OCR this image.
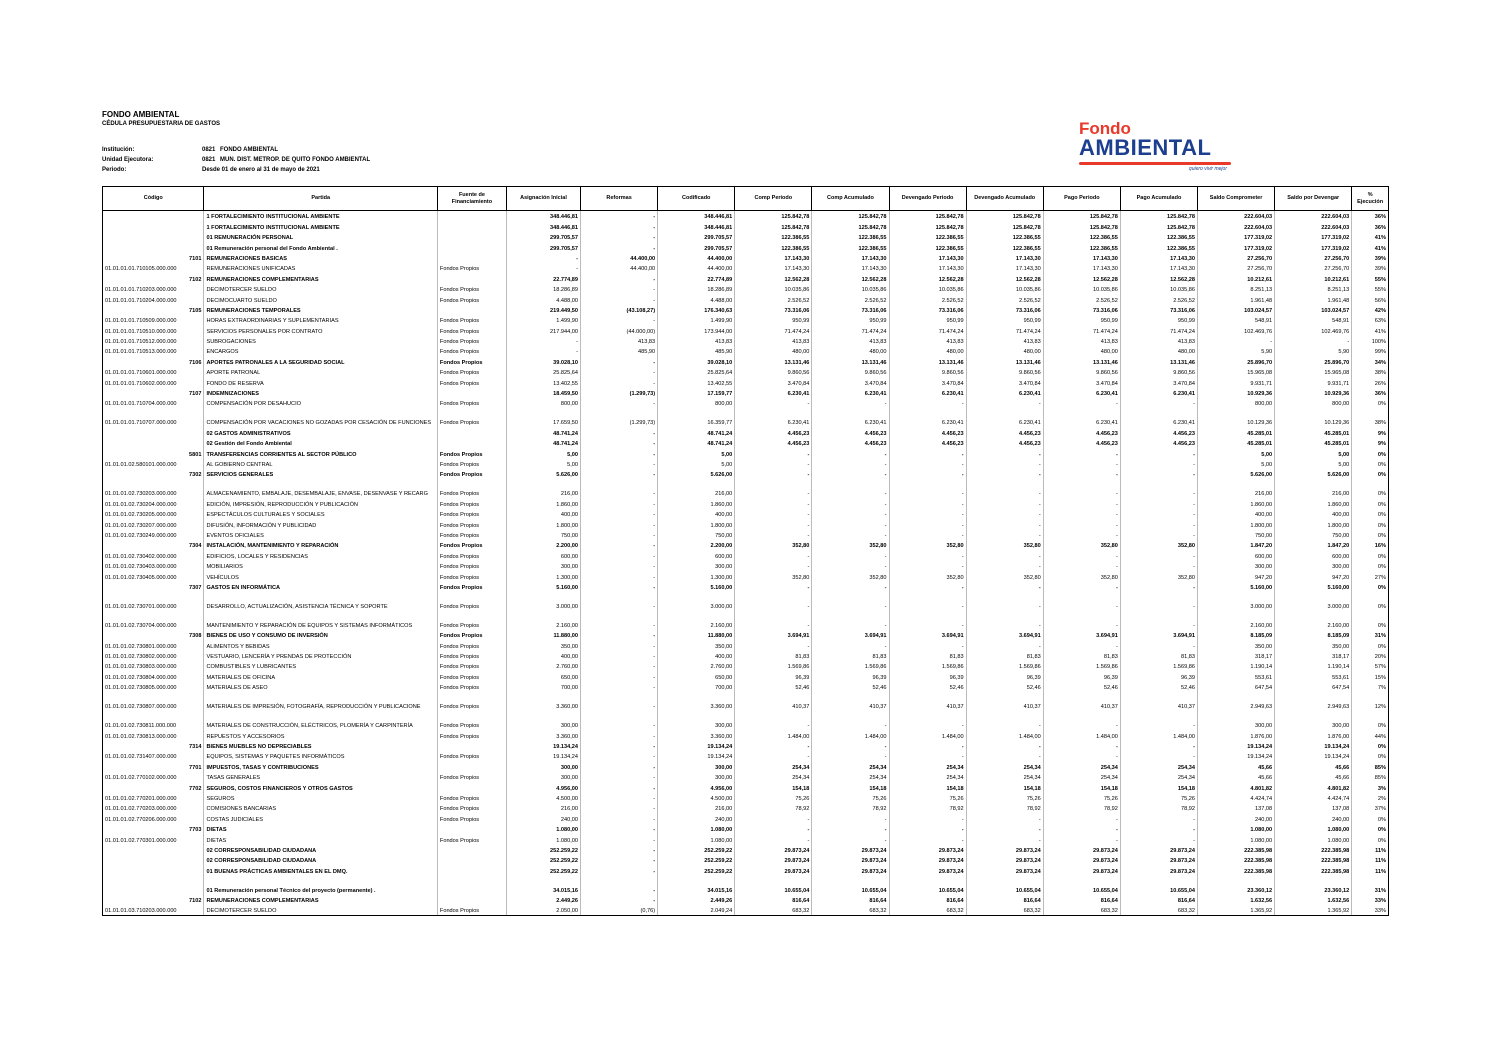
FONDO AMBIENTAL
CÉDULA PRESUPUESTARIA DE GASTOS
Institución:	0821 FONDO AMBIENTAL
Unidad Ejecutora:	0821 MUN. DIST. METROP. DE QUITO FONDO AMBIENTAL
Periodo:	Desde 01 de enero al 31 de mayo de 2021
Fondo
AMBIENTAL
quiero vivir mejor
Código	Partida	Fuente de Financiamiento	Asignación Inicial	Reformas	Codificado	Comp Periodo	Comp Acumulado	Devengado Periodo	Devengado Acumulado	Pago Periodo	Pago Acumulado	Saldo Comprometer	Saldo por Devengar	% Ejecución
	1 FORTALECIMIENTO INSTITUCIONAL AMBIENTE		348.446,81	-	348.446,81	125.842,78	125.842,78	125.842,78	125.842,78	125.842,78	125.842,78	222.604,03	222.604,03	36%
	1 FORTALECIMIENTO INSTITUCIONAL AMBIENTE		348.446,81	-	348.446,81	125.842,78	125.842,78	125.842,78	125.842,78	125.842,78	125.842,78	222.604,03	222.604,03	36%
	01 REMUNERACIÓN PERSONAL		299.705,57	-	299.705,57	122.386,55	122.386,55	122.386,55	122.386,55	122.386,55	122.386,55	177.319,02	177.319,02	41%
	01 Remuneración personal del Fondo Ambiental .		299.705,57	-	299.705,57	122.386,55	122.386,55	122.386,55	122.386,55	122.386,55	122.386,55	177.319,02	177.319,02	41%
7101	REMUNERACIONES BASICAS		-	44.400,00	44.400,00	17.143,30	17.143,30	17.143,30	17.143,30	17.143,30	17.143,30	27.256,70	27.256,70	39%
01.01.01.01.710105.000.000	REMUNERACIONES UNIFICADAS	Fondos Propios	-	44.400,00	44.400,00	17.143,30	17.143,30	17.143,30	17.143,30	17.143,30	17.143,30	27.256,70	27.256,70	39%
7102	REMUNERACIONES COMPLEMENTARIAS		22.774,89	-	22.774,89	12.562,28	12.562,28	12.562,28	12.562,28	12.562,28	12.562,28	10.212,61	10.212,61	55%
01.01.01.01.710203.000.000	DECIMOTERCER SUELDO	Fondos Propios	18.286,89	-	18.286,89	10.035,86	10.035,86	10.035,86	10.035,86	10.035,86	10.035,86	8.251,13	8.251,13	55%
01.01.01.01.710204.000.000	DECIMOCUARTO SUELDO	Fondos Propios	4.488,00	-	4.488,00	2.526,52	2.526,52	2.526,52	2.526,52	2.526,52	2.526,52	1.961,48	1.961,48	56%
7105	REMUNERACIONES TEMPORALES		219.449,50	(43.108,27)	176.340,63	73.316,06	73.316,06	73.316,06	73.316,06	73.316,06	73.316,06	103.024,57	103.024,57	42%
01.01.01.01.710509.000.000	HORAS EXTRAORDINARIAS Y SUPLEMENTARIAS	Fondos Propios	1.499,90	-	1.499,90	950,99	950,99	950,99	950,99	950,99	950,99	548,91	548,91	63%
01.01.01.01.710510.000.000	SERVICIOS PERSONALES POR CONTRATO	Fondos Propios	217.944,00	(44.000,00)	173.944,00	71.474,24	71.474,24	71.474,24	71.474,24	71.474,24	71.474,24	102.469,76	102.469,76	41%
01.01.01.01.710512.000.000	SUBROGACIONES	Fondos Propios	-	413,83	413,83	413,83	413,83	413,83	413,83	413,83	413,83	-	-	100%
01.01.01.01.710513.000.000	ENCARGOS	Fondos Propios	-	485,90	485,90	480,00	480,00	480,00	480,00	480,00	480,00	5,90	5,90	99%
7106	APORTES PATRONALES A LA SEGURIDAD SOCIAL	Fondos Propios	39.028,10	-	39.028,10	13.131,46	13.131,46	13.131,46	13.131,46	13.131,46	13.131,46	25.896,70	25.896,70	34%
01.01.01.01.710601.000.000	APORTE PATRONAL	Fondos Propios	25.825,64	-	25.825,64	9.860,56	9.860,56	9.860,56	9.860,56	9.860,56	9.860,56	15.965,08	15.965,08	38%
01.01.01.01.710602.000.000	FONDO DE RESERVA	Fondos Propios	13.402,55	-	13.402,55	3.470,84	3.470,84	3.470,84	3.470,84	3.470,84	3.470,84	9.931,71	9.931,71	26%
7107	INDEMNIZACIONES		18.459,50	(1.299,73)	17.159,77	6.230,41	6.230,41	6.230,41	6.230,41	6.230,41	6.230,41	10.929,36	10.929,36	36%
01.01.01.01.710704.000.000	COMPENSACIÓN POR DESAHUCIO	Fondos Propios	800,00	-	800,00	-	-	-	-	-	-	800,00	800,00	0%
01.01.01.01.710707.000.000	COMPENSACIÓN POR VACACIONES NO GOZADAS POR CESACIÓN DE FUNCIONES	Fondos Propios	17.659,50	(1.299,73)	16.359,77	6.230,41	6.230,41	6.230,41	6.230,41	6.230,41	6.230,41	10.129,36	10.129,36	38%
	02 GASTOS ADMINISTRATIVOS		48.741,24	-	48.741,24	4.456,23	4.456,23	4.456,23	4.456,23	4.456,23	4.456,23	45.285,01	45.285,01	9%
	02 Gestión del Fondo Ambiental		48.741,24	-	48.741,24	4.456,23	4.456,23	4.456,23	4.456,23	4.456,23	4.456,23	45.285,01	45.285,01	9%
5801	TRANSFERENCIAS CORRIENTES AL SECTOR PÚBLICO	Fondos Propios	5,00	-	5,00	-	-	-	-	-	-	5,00	5,00	0%
01.01.01.02.580101.000.000	AL GOBIERNO CENTRAL	Fondos Propios	5,00	-	5,00	-	-	-	-	-	-	5,00	5,00	0%
7302	SERVICIOS GENERALES	Fondos Propios	5.626,00	-	5.626,00	-	-	-	-	-	-	5.626,00	5.626,00	0%
01.01.01.02.730203.000.000	ALMACENAMIENTO, EMBALAJE, DESEMBALAJE, ENVASE, DESENVASE Y RECARG	Fondos Propios	216,00	-	216,00	-	-	-	-	-	-	216,00	216,00	0%
01.01.01.02.730204.000.000	EDICIÓN, IMPRESIÓN, REPRODUCCIÓN Y PUBLICACIÓN	Fondos Propios	1.860,00	-	1.860,00	-	-	-	-	-	-	1.860,00	1.860,00	0%
01.01.01.02.730205.000.000	ESPECTÁCULOS CULTURALES Y SOCIALES	Fondos Propios	400,00	-	400,00	-	-	-	-	-	-	400,00	400,00	0%
01.01.01.02.730207.000.000	DIFUSIÓN, INFORMACIÓN Y PUBLICIDAD	Fondos Propios	1.800,00	-	1.800,00	-	-	-	-	-	-	1.800,00	1.800,00	0%
01.01.01.02.730249.000.000	EVENTOS OFICIALES	Fondos Propios	750,00	-	750,00	-	-	-	-	-	-	750,00	750,00	0%
7304	INSTALACIÓN, MANTENIMIENTO Y REPARACIÓN	Fondos Propios	2.200,00	-	2.200,00	352,80	352,80	352,80	352,80	352,80	352,80	1.847,20	1.847,20	16%
01.01.01.02.730402.000.000	EDIFICIOS, LOCALES Y RESIDENCIAS	Fondos Propios	600,00	-	600,00	-	-	-	-	-	-	600,00	600,00	0%
01.01.01.02.730403.000.000	MOBILIARIOS	Fondos Propios	300,00	-	300,00	-	-	-	-	-	-	300,00	300,00	0%
01.01.01.02.730405.000.000	VEHÍCULOS	Fondos Propios	1.300,00	-	1.300,00	352,80	352,80	352,80	352,80	352,80	352,80	947,20	947,20	27%
7307	GASTOS EN INFORMÁTICA	Fondos Propios	5.160,00	-	5.160,00	-	-	-	-	-	-	5.160,00	5.160,00	0%
01.01.01.02.730701.000.000	DESARROLLO, ACTUALIZACIÓN, ASISTENCIA TÉCNICA Y SOPORTE	Fondos Propios	3.000,00	-	3.000,00	-	-	-	-	-	-	3.000,00	3.000,00	0%
01.01.01.02.730704.000.000	MANTENIMIENTO Y REPARACIÓN DE EQUIPOS Y SISTEMAS INFORMÁTICOS	Fondos Propios	2.160,00	-	2.160,00	-	-	-	-	-	-	2.160,00	2.160,00	0%
7308	BIENES DE USO Y CONSUMO DE INVERSIÓN	Fondos Propios	11.880,00	-	11.880,00	3.694,91	3.694,91	3.694,91	3.694,91	3.694,91	3.694,91	8.185,09	8.185,09	31%
01.01.01.02.730801.000.000	ALIMENTOS Y BEBIDAS	Fondos Propios	350,00	-	350,00	-	-	-	-	-	-	350,00	350,00	0%
01.01.01.02.730802.000.000	VESTUARIO, LENCERÍA Y PRENDAS DE PROTECCIÓN	Fondos Propios	400,00	-	400,00	81,83	81,83	81,83	81,83	81,83	81,83	318,17	318,17	20%
01.01.01.02.730803.000.000	COMBUSTIBLES Y LUBRICANTES	Fondos Propios	2.760,00	-	2.760,00	1.569,86	1.569,86	1.569,86	1.569,86	1.569,86	1.569,86	1.190,14	1.190,14	57%
01.01.01.02.730804.000.000	MATERIALES DE OFICINA	Fondos Propios	650,00	-	650,00	96,39	96,39	96,39	96,39	96,39	96,39	553,61	553,61	15%
01.01.01.02.730805.000.000	MATERIALES DE ASEO	Fondos Propios	700,00	-	700,00	52,46	52,46	52,46	52,46	52,46	52,46	647,54	647,54	7%
01.01.01.02.730807.000.000	MATERIALES DE IMPRESIÓN, FOTOGRAFÍA, REPRODUCCIÓN Y PUBLICACIONE	Fondos Propios	3.360,00	-	3.360,00	410,37	410,37	410,37	410,37	410,37	410,37	2.949,63	2.949,63	12%
01.01.01.02.730811.000.000	MATERIALES DE CONSTRUCCIÓN, ELÉCTRICOS, PLOMERÍA Y CARPINTERÍA	Fondos Propios	300,00	-	300,00	-	-	-	-	-	-	300,00	300,00	0%
01.01.01.02.730813.000.000	REPUESTOS Y ACCESORIOS	Fondos Propios	3.360,00	-	3.360,00	1.484,00	1.484,00	1.484,00	1.484,00	1.484,00	1.484,00	1.876,00	1.876,00	44%
7314	BIENES MUEBLES NO DEPRECIABLES		19.134,24	-	19.134,24	-	-	-	-	-	-	19.134,24	19.134,24	0%
01.01.01.02.731407.000.000	EQUIPOS, SISTEMAS Y PAQUETES INFORMÁTICOS	Fondos Propios	19.134,24	-	19.134,24	-	-	-	-	-	-	19.134,24	19.134,24	0%
7701	IMPUESTOS, TASAS Y CONTRIBUCIONES		300,00	-	300,00	254,34	254,34	254,34	254,34	254,34	254,34	45,66	45,66	85%
01.01.01.02.770102.000.000	TASAS GENERALES	Fondos Propios	300,00	-	300,00	254,34	254,34	254,34	254,34	254,34	254,34	45,66	45,66	85%
7702	SEGUROS, COSTOS FINANCIEROS Y OTROS GASTOS		4.956,00	-	4.956,00	154,18	154,18	154,18	154,18	154,18	154,18	4.801,82	4.801,82	3%
01.01.01.02.770201.000.000	SEGUROS	Fondos Propios	4.500,00	-	4.500,00	75,26	75,26	75,26	75,26	75,26	75,26	4.424,74	4.424,74	2%
01.01.01.02.770203.000.000	COMISIONES BANCARIAS	Fondos Propios	216,00	-	216,00	78,92	78,92	78,92	78,92	78,92	78,92	137,08	137,08	37%
01.01.01.02.770206.000.000	COSTAS JUDICIALES	Fondos Propios	240,00	-	240,00	-	-	-	-	-	-	240,00	240,00	0%
7703	DIETAS		1.080,00	-	1.080,00	-	-	-	-	-	-	1.080,00	1.080,00	0%
01.01.01.02.770301.000.000	DIETAS	Fondos Propios	1.080,00	-	1.080,00	-	-	-	-	-	-	1.080,00	1.080,00	0%
	02 CORRESPONSABILIDAD CIUDADANA		252.259,22	-	252.259,22	29.873,24	29.873,24	29.873,24	29.873,24	29.873,24	29.873,24	222.385,98	222.385,98	11%
	02 CORRESPONSABILIDAD CIUDADANA		252.259,22	-	252.259,22	29.873,24	29.873,24	29.873,24	29.873,24	29.873,24	29.873,24	222.385,98	222.385,98	11%
	01 BUENAS PRÁCTICAS AMBIENTALES EN EL DMQ.		252.259,22	-	252.259,22	29.873,24	29.873,24	29.873,24	29.873,24	29.873,24	29.873,24	222.385,98	222.385,98	11%
	01 Remuneración personal Técnico del proyecto (permanente) .		34.015,16	-	34.015,16	10.655,04	10.655,04	10.655,04	10.655,04	10.655,04	10.655,04	23.360,12	23.360,12	31%
7102	REMUNERACIONES COMPLEMENTARIAS		2.449,26	-	2.449,26	816,64	816,64	816,64	816,64	816,64	816,64	1.632,56	1.632,56	33%
01.01.01.03.710203.000.000	DECIMOTERCER SUELDO	Fondos Propios	2.050,00	(0,76)	2.049,24	683,32	683,32	683,32	683,32	683,32	683,32	1.365,92	1.365,92	33%
